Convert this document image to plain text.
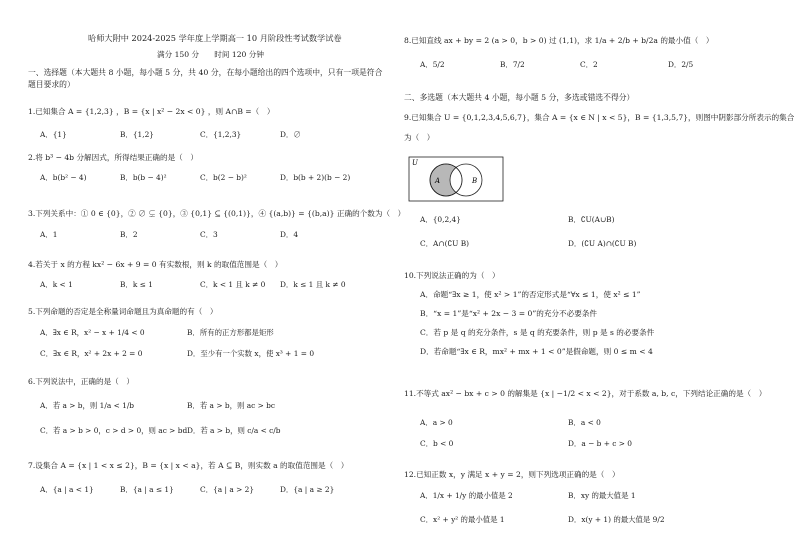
哈师大附中 2024-2025 学年度上学期高一 10 月阶段性考试数学试卷
满分 150 分　　时间 120 分钟
一、选择题（本大题共 8 小题，每小题 5 分，共 40 分，在每小题给出的四个选项中，只有一项是符合
题目要求的）
1.已知集合 A = {1,2,3} ，B = {x | x² − 2x < 0} ，则 A∩B =（　）
A．{1}	B．{1,2}	C．{1,2,3}	D．∅
2.将 b³ − 4b 分解因式，所得结果正确的是（　）
A．b(b² − 4)	B．b(b − 4)²	C．b(2 − b)²	D．b(b + 2)(b − 2)
3.下列关系中：① 0 ∈ {0}，② ∅ ⊊ {0}，③ {0,1} ⊆ {(0,1)}，④ {(a,b)} = {(b,a)} 正确的个数为（　）
A．1	B．2	C．3	D．4
4.若关于 x 的方程 kx² − 6x + 9 = 0 有实数根，则 k 的取值范围是（　）
A．k < 1	B．k ≤ 1	C．k < 1 且 k ≠ 0 D．k ≤ 1 且 k ≠ 0
5.下列命题的否定是全称量词命题且为真命题的有（　）
A．∃x ∈ R，x² − x + 1/4 < 0	B．所有的正方形都是矩形
C．∃x ∈ R，x² + 2x + 2 = 0	D．至少有一个实数 x，使 x³ + 1 = 0
6.下列说法中，正确的是（　）
A．若 a > b，则 1/a < 1/b	B．若 a > b，则 ac > bc
C．若 a > b > 0，c > d > 0，则 ac > bd D．若 a > b，则 c/a < c/b
7.设集合 A = {x | 1 < x ≤ 2}，B = {x | x < a}，若 A ⊆ B，则实数 a 的取值范围是（　）
A．{a | a < 1}	B．{a | a ≤ 1}	C．{a | a > 2}	D．{a | a ≥ 2}
8.已知直线 ax + by = 2 (a > 0，b > 0) 过 (1,1)，求 1/a + 2/b + b/2a 的最小值（　）
A．5/2	B．7/2	C．2	D．2/5
二、多选题（本大题共 4 小题，每小题 5 分，多选或错选不得分）
9.已知集合 U = {0,1,2,3,4,5,6,7}，集合 A = {x ∈ N | x < 5}，B = {1,3,5,7}，则图中阴影部分所表示的集合
为（　）
U
A	B
A．{0,2,4}	B．∁U(A∪B)
C．A∩(∁U B)	D．(∁U A)∩(∁U B)
10.下列说法正确的为（　）
A．命题“∃x ≥ 1，使 x² > 1”的否定形式是“∀x ≤ 1，使 x² ≤ 1”
B．“x = 1”是“x² + 2x − 3 = 0”的充分不必要条件
C．若 p 是 q 的充分条件，s 是 q 的充要条件，则 p 是 s 的必要条件
D．若命题“∃x ∈ R，mx² + mx + 1 < 0”是假命题，则 0 ≤ m < 4
11.不等式 ax² − bx + c > 0 的解集是 {x | −1/2 < x < 2}，对于系数 a, b, c，下列结论正确的是（　）
A．a > 0	B．a < 0
C．b < 0	D．a − b + c > 0
12.已知正数 x，y 满足 x + y = 2，则下列选项正确的是（　）
A．1/x + 1/y 的最小值是 2	B．xy 的最大值是 1
C．x² + y² 的最小值是 1	D．x(y + 1) 的最大值是 9/2
